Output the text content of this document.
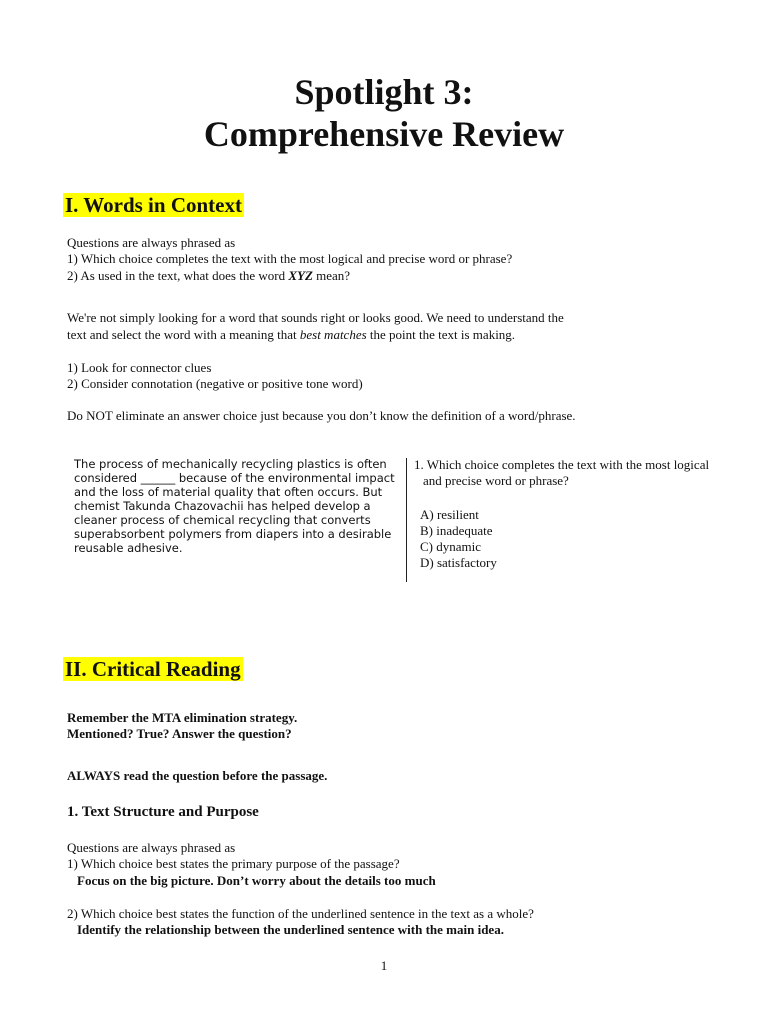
Spotlight 3:
Comprehensive Review
I. Words in Context
Questions are always phrased as
1) Which choice completes the text with the most logical and precise word or phrase?
2) As used in the text, what does the word XYZ mean?
We're not simply looking for a word that sounds right or looks good. We need to understand the
text and select the word with a meaning that best matches the point the text is making.
1) Look for connector clues
2) Consider connotation (negative or positive tone word)
Do NOT eliminate an answer choice just because you don’t know the definition of a word/phrase.
The process of mechanically recycling plastics is often
considered ______ because of the environmental impact
and the loss of material quality that often occurs. But
chemist Takunda Chazovachii has helped develop a
cleaner process of chemical recycling that converts
superabsorbent polymers from diapers into a desirable
reusable adhesive.
1. Which choice completes the text with the most logical
and precise word or phrase?
A) resilient
B) inadequate
C) dynamic
D) satisfactory
II. Critical Reading
Remember the MTA elimination strategy.
Mentioned? True? Answer the question?
ALWAYS read the question before the passage.
1. Text Structure and Purpose
Questions are always phrased as
1) Which choice best states the primary purpose of the passage?
Focus on the big picture. Don’t worry about the details too much
2) Which choice best states the function of the underlined sentence in the text as a whole?
Identify the relationship between the underlined sentence with the main idea.
1
